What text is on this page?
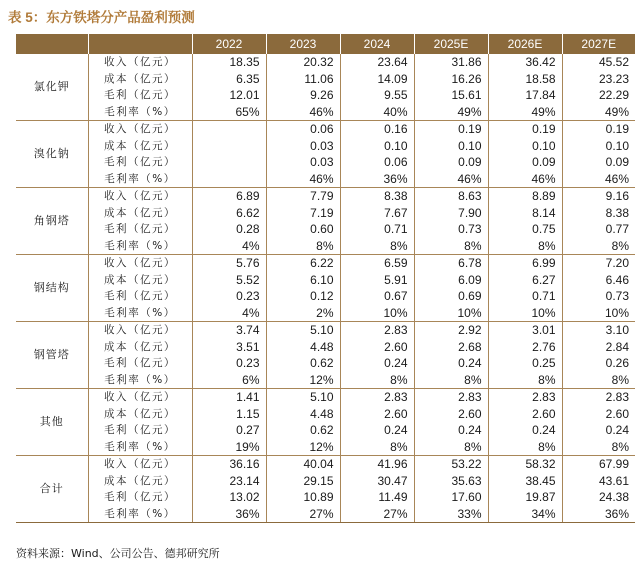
表 5：东方铁塔分产品盈利预测
		2022	2023	2024	2025E	2026E	2027E
氯化钾	收入（亿元）	18.35	20.32	23.64	31.86	36.42	45.52
	成本（亿元）	6.35	11.06	14.09	16.26	18.58	23.23
	毛利（亿元）	12.01	9.26	9.55	15.61	17.84	22.29
	毛利率（%）	65%	46%	40%	49%	49%	49%
溴化钠	收入（亿元）		0.06	0.16	0.19	0.19	0.19
	成本（亿元）		0.03	0.10	0.10	0.10	0.10
	毛利（亿元）		0.03	0.06	0.09	0.09	0.09
	毛利率（%）		46%	36%	46%	46%	46%
角钢塔	收入（亿元）	6.89	7.79	8.38	8.63	8.89	9.16
	成本（亿元）	6.62	7.19	7.67	7.90	8.14	8.38
	毛利（亿元）	0.28	0.60	0.71	0.73	0.75	0.77
	毛利率（%）	4%	8%	8%	8%	8%	8%
钢结构	收入（亿元）	5.76	6.22	6.59	6.78	6.99	7.20
	成本（亿元）	5.52	6.10	5.91	6.09	6.27	6.46
	毛利（亿元）	0.23	0.12	0.67	0.69	0.71	0.73
	毛利率（%）	4%	2%	10%	10%	10%	10%
钢管塔	收入（亿元）	3.74	5.10	2.83	2.92	3.01	3.10
	成本（亿元）	3.51	4.48	2.60	2.68	2.76	2.84
	毛利（亿元）	0.23	0.62	0.24	0.24	0.25	0.26
	毛利率（%）	6%	12%	8%	8%	8%	8%
其他	收入（亿元）	1.41	5.10	2.83	2.83	2.83	2.83
	成本（亿元）	1.15	4.48	2.60	2.60	2.60	2.60
	毛利（亿元）	0.27	0.62	0.24	0.24	0.24	0.24
	毛利率（%）	19%	12%	8%	8%	8%	8%
合计	收入（亿元）	36.16	40.04	41.96	53.22	58.32	67.99
	成本（亿元）	23.14	29.15	30.47	35.63	38.45	43.61
	毛利（亿元）	13.02	10.89	11.49	17.60	19.87	24.38
	毛利率（%）	36%	27%	27%	33%	34%	36%
资料来源：Wind、公司公告、德邦研究所
